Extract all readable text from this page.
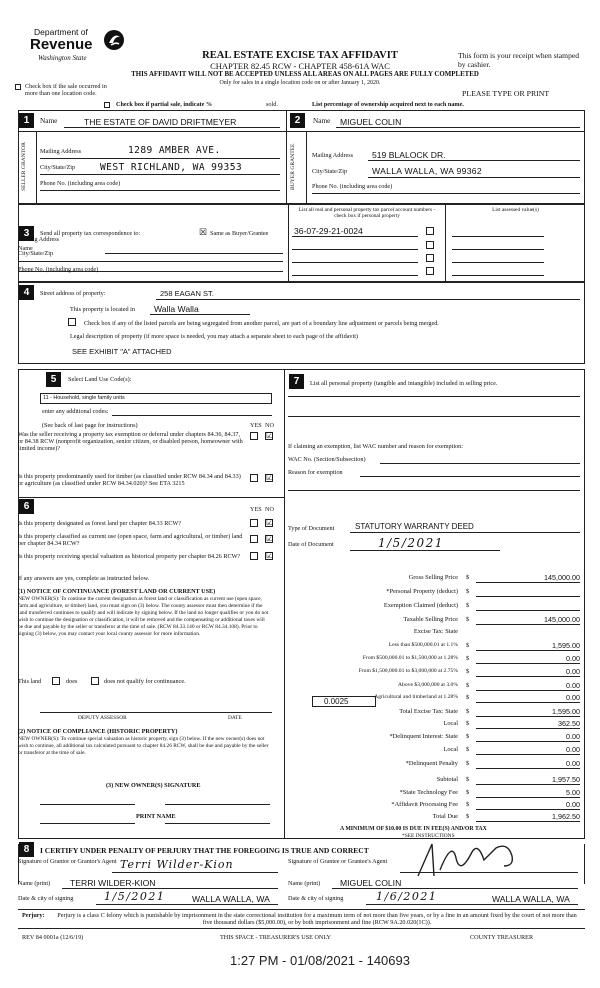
Department of
Revenue
Washington State	REAL ESTATE EXCISE TAX AFFIDAVIT
CHAPTER 82.45 RCW - CHAPTER 458-61A WAC
This form is your receipt when stamped by cashier.
THIS AFFIDAVIT WILL NOT BE ACCEPTED UNLESS ALL AREAS ON ALL PAGES ARE FULLY COMPLETED
Only for sales in a single location code on or after January 1, 2020.
Check box if the sale occurred in more than one location code.	PLEASE TYPE OR PRINT
Check box if partial sale, indicate %	sold.	List percentage of ownership acquired next to each name.
1	Name	THE ESTATE OF DAVID DRIFTMEYER
SELLER GRANTOR	Mailing Address	1289 AMBER AVE.
City/State/Zip	WEST RICHLAND, WA 99353
Phone No. (including area code)
2	Name MIGUEL COLIN
BUYER GRANTEE	Mailing Address 519 BLALOCK DR.
City/State/Zip	WALLA WALLA, WA 99362
Phone No. (including area code)
3	Send all property tax correspondence to:	☒ Same as Buyer/Grantee
List all real and personal property tax parcel account numbers - check box if personal property
List assessed value(s)
Name
Mailing Address
City/State/Zip
Phone No. (including area code)
36-07-29-21-0024
4	Street address of property:	258 EAGAN ST.
This property is located in Walla Walla
Check box if any of the listed parcels are being segregated from another parcel, are part of a boundary line adjustment or parcels being merged.
Legal description of property (if more space is needed, you may attach a separate sheet to each page of the affidavit)
SEE EXHIBIT "A" ATTACHED
5	Select Land Use Code(s):
11 - Household, single family units
enter any additional codes:
(See back of last page for instructions)	YES NO
Was the seller receiving a property tax exemption or deferral under chapters 84.36, 84.37, or 84.38 RCW (nonprofit organization, senior citizen, or disabled person, homeowner with limited income)?
☑
Is this property predominantly used for timber (as classified under RCW 84.34 and 84.33) or agriculture (as classified under RCW 84.34.020)? See ETA 3215
☑
7	List all personal property (tangible and intangible) included in selling price.
If claiming an exemption, list WAC number and reason for exemption:
WAC No. (Section/Subsection)
Reason for exemption
6	YES NO
Is this property designated as forest land per chapter 84.33 RCW?	☑
Is this property classified as current use (open space, farm and agricultural, or timber) land per chapter 84.34 RCW?
☑
Is this property receiving special valuation as historical property per chapter 84.26 RCW?	☑
If any answers are yes, complete as instructed below.
(1) NOTICE OF CONTINUANCE (FOREST LAND OR CURRENT USE)
NEW OWNER(S): To continue the current designation as forest land or classification as current use (open space, farm and agriculture, or timber) land, you must sign on (3) below. The county assessor must then determine if the land transferred continues to qualify and will indicate by signing below. If the land no longer qualifies or you do not wish to continue the designation or classification, it will be removed and the compensating or additional taxes will be due and payable by the seller or transferor at the time of sale. (RCW 84.33.140 or RCW 84.34.108). Prior to signing (3) below, you may contact your local county assessor for more information.
This land	does	does not qualify for continuance.
DEPUTY ASSESSOR	DATE
(2) NOTICE OF COMPLIANCE (HISTORIC PROPERTY)
NEW OWNER(S): To continue special valuation as historic property, sign (3) below. If the new owner(s) does not wish to continue, all additional tax calculated pursuant to chapter 84.26 RCW, shall be due and payable by the seller or transferor at the time of sale.
(3) NEW OWNER(S) SIGNATURE
PRINT NAME
Type of Document	STATUTORY WARRANTY DEED
Date of Document	1/5/2021
Gross Selling Price $	145,000.00
*Personal Property (deduct) $
Exemption Claimed (deduct) $
Taxable Selling Price $	145,000.00
Excise Tax: State
Less than $500,000.01 at 1.1% $	1,595.00
From $500,000.01 to $1,500,000 at 1.28% $	0.00
From $1,500,000.01 to $3,000,000 at 2.75% $	0.00
Above $3,000,000 at 3.0% $	0.00
Agricultural and timberland at 1.28% $	0.00
Total Excise Tax: State $	1,595.00
Local $	362.50
*Delinquent Interest: State $	0.00
Local $	0.00
*Delinquent Penalty $	0.00
Subtotal $	1,957.50
*State Technology Fee $	5.00
*Affidavit Processing Fee $	0.00
Total Due $	1,962.50
0.0025
A MINIMUM OF $10.00 IS DUE IN FEE(S) AND/OR TAX
*SEE INSTRUCTIONS
8	I CERTIFY UNDER PENALTY OF PERJURY THAT THE FOREGOING IS TRUE AND CORRECT
Signature of Grantor or Grantor's Agent Terri Wilder-Kion	Signature of Grantee or Grantee's Agent
Name (print) TERRI WILDER-KION	Name (print) MIGUEL COLIN
Date & city of signing	1/5/2021	WALLA WALLA, WA	Date & city of signing	1/6/2021	WALLA WALLA, WA
Perjury:	Perjury is a class C felony which is punishable by imprisonment in the state correctional institution for a maximum term of not more than five years, or by a fine in an amount fixed by the court of not more than five thousand dollars ($5,000.00), or by both imprisonment and fine (RCW 9A.20.020(1C)).
REV 84 0001a (12/6/19)	THIS SPACE - TREASURER'S USE ONLY	COUNTY TREASURER
1:27 PM - 01/08/2021 - 140693
